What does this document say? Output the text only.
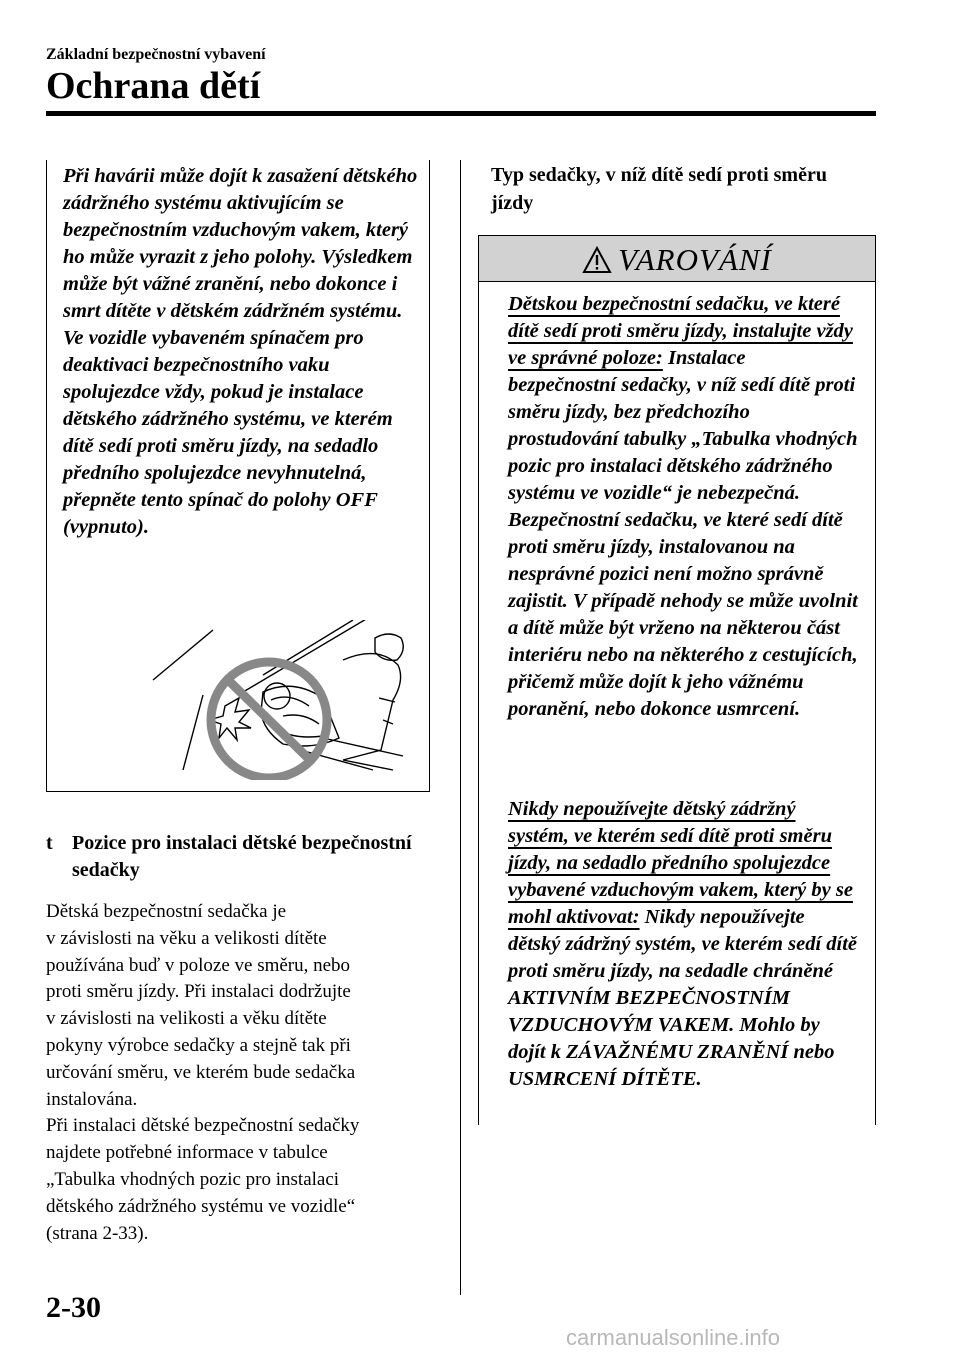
Základní bezpečnostní vybavení
Ochrana dětí

Při havárii může dojít k zasažení dětského zádržného systému aktivujícím se bezpečnostním vzduchovým vakem, který ho může vyrazit z jeho polohy. Výsledkem může být vážné zranění, nebo dokonce i smrt dítěte v dětském zádržném systému. Ve vozidle vybaveném spínačem pro deaktivaci bezpečnostního vaku spolujezdce vždy, pokud je instalace dětského zádržného systému, ve kterém dítě sedí proti směru jízdy, na sedadlo předního spolujezdce nevyhnutelná, přepněte tento spínač do polohy OFF (vypnuto).

t Pozice pro instalaci dětské bezpečnostní sedačky

Dětská bezpečnostní sedačka je
v závislosti na věku a velikosti dítěte
používána buď v poloze ve směru, nebo
proti směru jízdy. Při instalaci dodržujte
v závislosti na velikosti a věku dítěte
pokyny výrobce sedačky a stejně tak při
určování směru, ve kterém bude sedačka
instalována.
Při instalaci dětské bezpečnostní sedačky
najdete potřebné informace v tabulce
„Tabulka vhodných pozic pro instalaci
dětského zádržného systému ve vozidle“
(strana 2-33).

Typ sedačky, v níž dítě sedí proti směru jízdy

VAROVÁNÍ

Dětskou bezpečnostní sedačku, ve které dítě sedí proti směru jízdy, instalujte vždy ve správné poloze: Instalace bezpečnostní sedačky, v níž sedí dítě proti směru jízdy, bez předchozího prostudování tabulky „Tabulka vhodných pozic pro instalaci dětského zádržného systému ve vozidle“ je nebezpečná. Bezpečnostní sedačku, ve které sedí dítě proti směru jízdy, instalovanou na nesprávné pozici není možno správně zajistit. V případě nehody se může uvolnit a dítě může být vrženo na některou část interiéru nebo na některého z cestujících, přičemž může dojít k jeho vážnému poranění, nebo dokonce usmrcení.

Nikdy nepoužívejte dětský zádržný systém, ve kterém sedí dítě proti směru jízdy, na sedadlo předního spolujezdce vybavené vzduchovým vakem, který by se mohl aktivovat: Nikdy nepoužívejte dětský zádržný systém, ve kterém sedí dítě proti směru jízdy, na sedadle chráněné AKTIVNÍM BEZPEČNOSTNÍM VZDUCHOVÝM VAKEM. Mohlo by dojít k ZÁVAŽNÉMU ZRANĚNÍ nebo USMRCENÍ DÍTĚTE.

2-30
carmanualsonline.info
